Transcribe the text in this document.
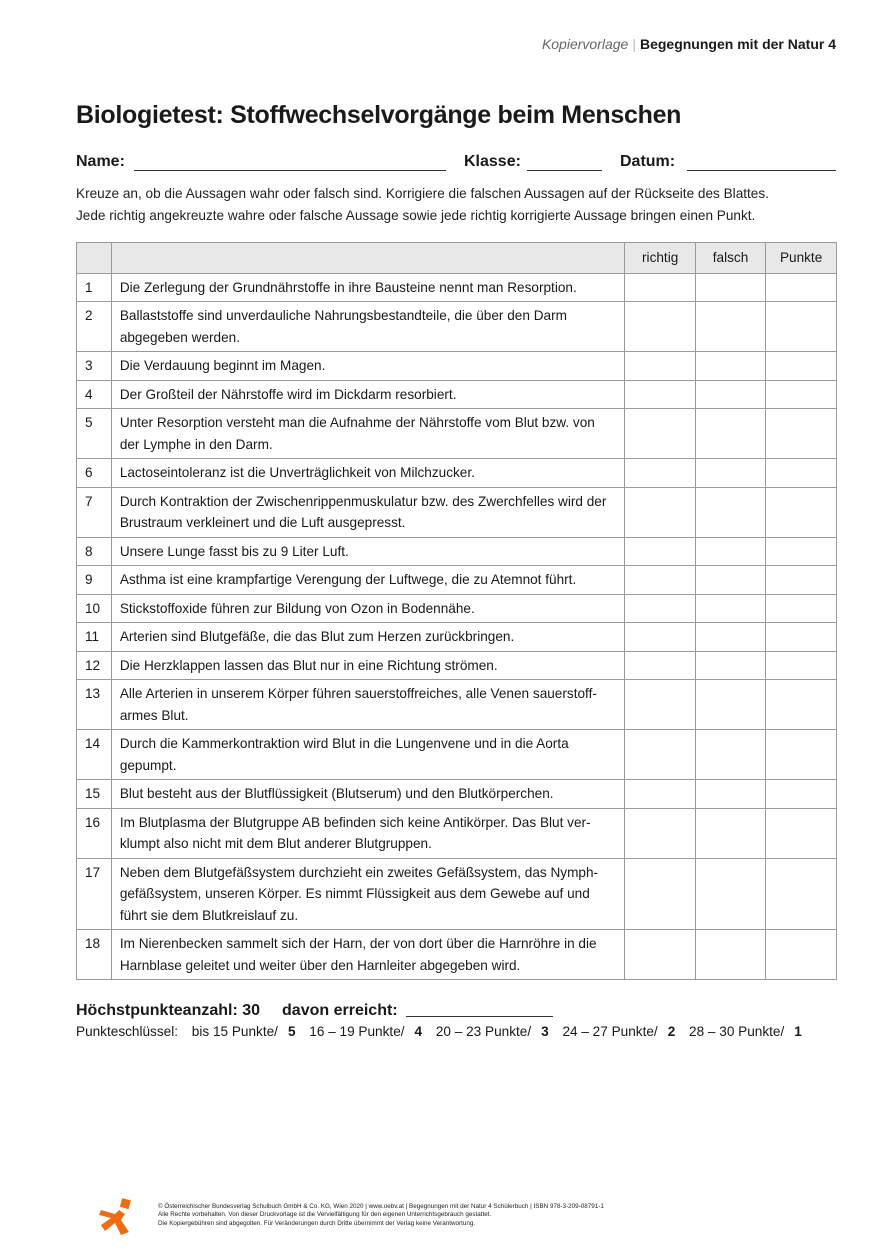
Kopiervorlage | Begegnungen mit der Natur 4
Biologietest: Stoffwechselvorgänge beim Menschen
Name:	Klasse:	Datum:
Kreuze an, ob die Aussagen wahr oder falsch sind. Korrigiere die falschen Aussagen auf der Rückseite des Blattes.
Jede richtig angekreuzte wahre oder falsche Aussage sowie jede richtig korrigierte Aussage bringen einen Punkt.
		richtig	falsch	Punkte
1	Die Zerlegung der Grundnährstoffe in ihre Bausteine nennt man Resorption.			
2	Ballaststoffe sind unverdauliche Nahrungsbestandteile, die über den Darm abgegeben werden.			
3	Die Verdauung beginnt im Magen.			
4	Der Großteil der Nährstoffe wird im Dickdarm resorbiert.			
5	Unter Resorption versteht man die Aufnahme der Nährstoffe vom Blut bzw. von der Lymphe in den Darm.			
6	Lactoseintoleranz ist die Unverträglichkeit von Milchzucker.			
7	Durch Kontraktion der Zwischenrippenmuskulatur bzw. des Zwerchfelles wird der Brustraum verkleinert und die Luft ausgepresst.			
8	Unsere Lunge fasst bis zu 9 Liter Luft.			
9	Asthma ist eine krampfartige Verengung der Luftwege, die zu Atemnot führt.			
10	Stickstoffoxide führen zur Bildung von Ozon in Bodennähe.			
11	Arterien sind Blutgefäße, die das Blut zum Herzen zurückbringen.			
12	Die Herzklappen lassen das Blut nur in eine Richtung strömen.			
13	Alle Arterien in unserem Körper führen sauerstoffreiches, alle Venen sauerstoff-armes Blut.			
14	Durch die Kammerkontraktion wird Blut in die Lungenvene und in die Aorta gepumpt.			
15	Blut besteht aus der Blutflüssigkeit (Blutserum) und den Blutkörperchen.			
16	Im Blutplasma der Blutgruppe AB befinden sich keine Antikörper. Das Blut ver-klumpt also nicht mit dem Blut anderer Blutgruppen.			
17	Neben dem Blutgefäßsystem durchzieht ein zweites Gefäßsystem, das Nymph-gefäßsystem, unseren Körper. Es nimmt Flüssigkeit aus dem Gewebe auf und führt sie dem Blutkreislauf zu.			
18	Im Nierenbecken sammelt sich der Harn, der von dort über die Harnröhre in die Harnblase geleitet und weiter über den Harnleiter abgegeben wird.			
Höchstpunkteanzahl: 30 davon erreicht:
Punkteschlüssel: bis 15 Punkte/ 5 16 – 19 Punkte/ 4 20 – 23 Punkte/ 3 24 – 27 Punkte/ 2 28 – 30 Punkte/ 1
© Österreichischer Bundesverlag Schulbuch GmbH & Co. KG, Wien 2020 | www.oebv.at | Begegnungen mit der Natur 4 Schülerbuch | ISBN 978-3-209-08791-1
Alle Rechte vorbehalten. Von dieser Druckvorlage ist die Vervielfältigung für den eigenen Unterrichtsgebrauch gestattet.
Die Kopiergebühren sind abgegolten. Für Veränderungen durch Dritte übernimmt der Verlag keine Verantwortung.
